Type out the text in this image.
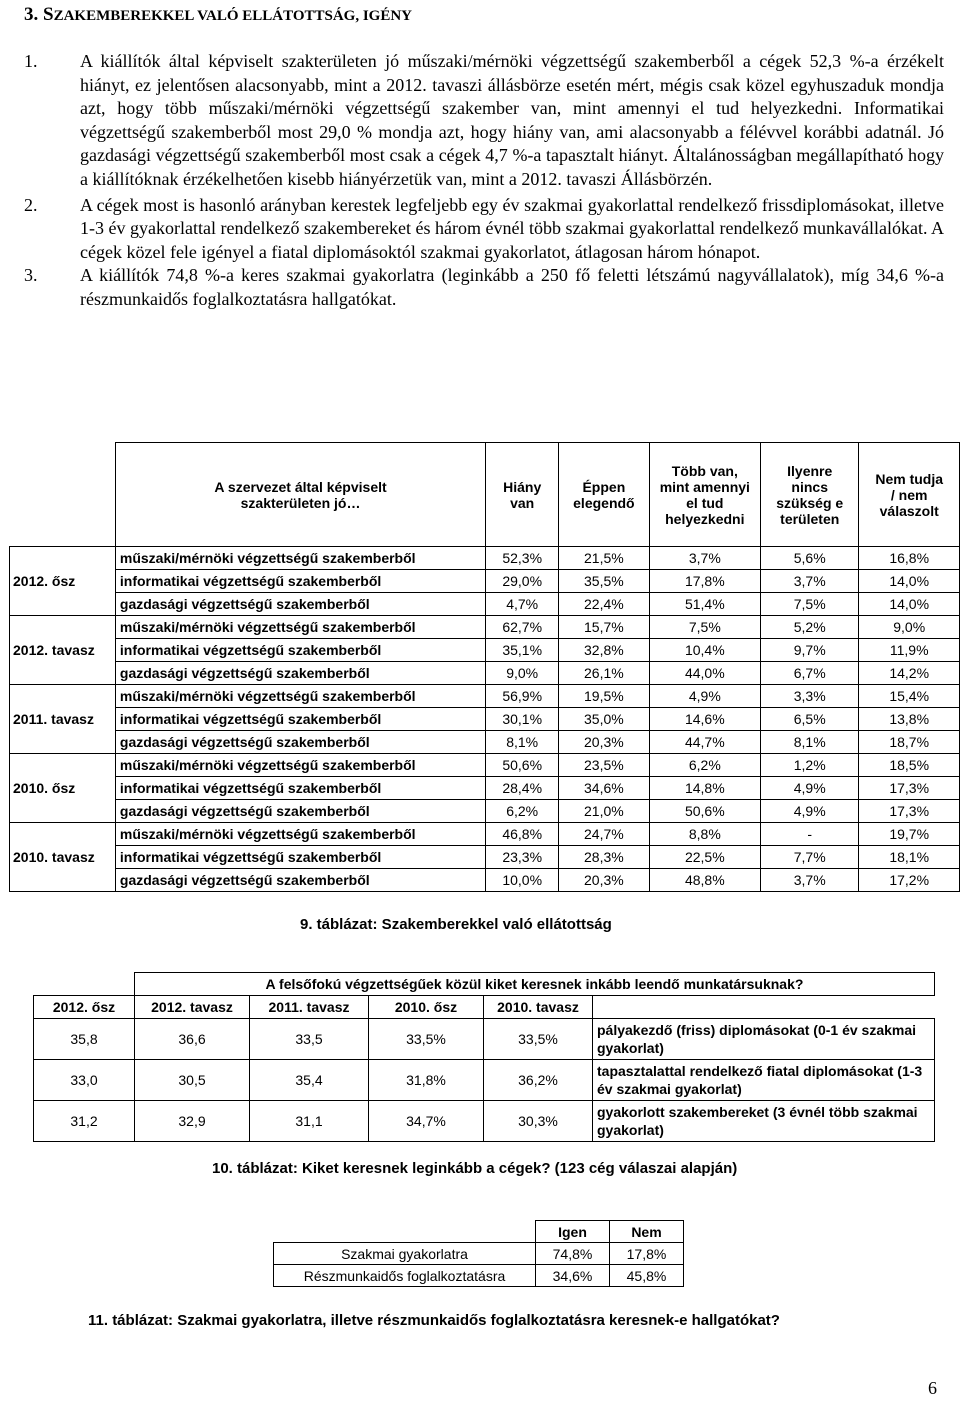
3. SZAKEMBEREKKEL VALÓ ELLÁTOTTSÁG, IGÉNY
1. A kiállítók által képviselt szakterületen jó műszaki/mérnöki végzettségű szakemberből a cégek 52,3 %-a érzékelt hiányt, ez jelentősen alacsonyabb, mint a 2012. tavaszi állásbörze esetén mért, mégis csak közel egyhuszaduk mondja azt, hogy több műszaki/mérnöki végzettségű szakember van, mint amennyi el tud helyezkedni. Informatikai végzettségű szakemberből most 29,0 % mondja azt, hogy hiány van, ami alacsonyabb a félévvel korábbi adatnál. Jó gazdasági végzettségű szakemberből most csak a cégek 4,7 %-a tapasztalt hiányt. Általánosságban megállapítható hogy a kiállítóknak érzékelhetően kisebb hiányérzetük van, mint a 2012. tavaszi Állásbörzén.
2. A cégek most is hasonló arányban kerestek legfeljebb egy év szakmai gyakorlattal rendelkező frissdiplomásokat, illetve 1-3 év gyakorlattal rendelkező szakembereket és három évnél több szakmai gyakorlattal rendelkező munkavállalókat. A cégek közel fele igényel a fiatal diplomásoktól szakmai gyakorlatot, átlagosan három hónapot.
3. A kiállítók 74,8 %-a keres szakmai gyakorlatra (leginkább a 250 fő feletti létszámú nagyvállalatok), míg 34,6 %-a részmunkaidős foglalkoztatásra hallgatókat.
	A szervezet által képviselt szakterületen jó…	Hiány van	Éppen elegendő	Több van, mint amennyi el tud helyezkedni	Ilyenre nincs szükség e területen	Nem tudja / nem válaszolt
2012. ősz	műszaki/mérnöki végzettségű szakemberből	52,3%	21,5%	3,7%	5,6%	16,8%
	informatikai végzettségű szakemberből	29,0%	35,5%	17,8%	3,7%	14,0%
	gazdasági végzettségű szakemberből	4,7%	22,4%	51,4%	7,5%	14,0%
2012. tavasz	műszaki/mérnöki végzettségű szakemberből	62,7%	15,7%	7,5%	5,2%	9,0%
	informatikai végzettségű szakemberből	35,1%	32,8%	10,4%	9,7%	11,9%
	gazdasági végzettségű szakemberből	9,0%	26,1%	44,0%	6,7%	14,2%
2011. tavasz	műszaki/mérnöki végzettségű szakemberből	56,9%	19,5%	4,9%	3,3%	15,4%
	informatikai végzettségű szakemberből	30,1%	35,0%	14,6%	6,5%	13,8%
	gazdasági végzettségű szakemberből	8,1%	20,3%	44,7%	8,1%	18,7%
2010. ősz	műszaki/mérnöki végzettségű szakemberből	50,6%	23,5%	6,2%	1,2%	18,5%
	informatikai végzettségű szakemberből	28,4%	34,6%	14,8%	4,9%	17,3%
	gazdasági végzettségű szakemberből	6,2%	21,0%	50,6%	4,9%	17,3%
2010. tavasz	műszaki/mérnöki végzettségű szakemberből	46,8%	24,7%	8,8%	-	19,7%
	informatikai végzettségű szakemberből	23,3%	28,3%	22,5%	7,7%	18,1%
	gazdasági végzettségű szakemberből	10,0%	20,3%	48,8%	3,7%	17,2%
9. táblázat: Szakemberekkel való ellátottság
	A felsőfokú végzettségűek közül kiket keresnek inkább leendő munkatársuknak?				
2012. ősz	2012. tavasz	2011. tavasz	2010. ősz	2010. tavasz	
35,8	36,6	33,5	33,5%	33,5%	pályakezdő (friss) diplomásokat (0-1 év szakmai gyakorlat)
33,0	30,5	35,4	31,8%	36,2%	tapasztalattal rendelkező fiatal diplomásokat (1-3 év szakmai gyakorlat)
31,2	32,9	31,1	34,7%	30,3%	gyakorlott szakembereket (3 évnél több szakmai gyakorlat)
10. táblázat: Kiket keresnek leginkább a cégek? (123 cég válaszai alapján)
	Igen	Nem
Szakmai gyakorlatra	74,8%	17,8%
Részmunkaidős foglalkoztatásra	34,6%	45,8%
11. táblázat: Szakmai gyakorlatra, illetve részmunkaidős foglalkoztatásra keresnek-e hallgatókat?
6
